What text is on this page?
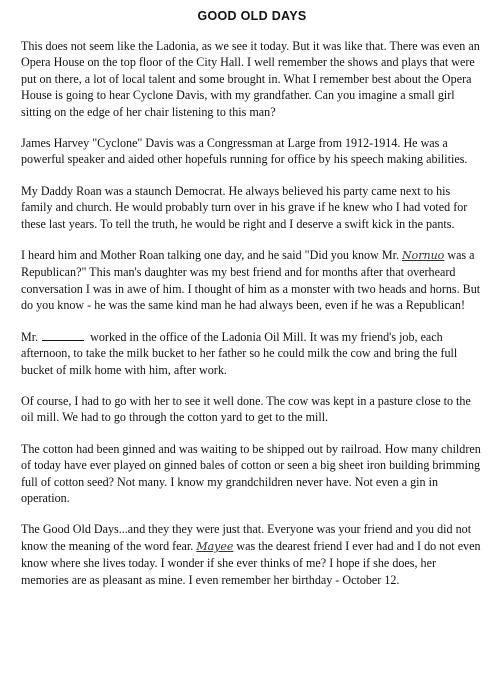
GOOD OLD DAYS

This does not seem like the Ladonia, as we see it today. But it was like that. There was even an Opera House on the top floor of the City Hall. I well remember the shows and plays that were put on there, a lot of local talent and some brought in. What I remember best about the Opera House is going to hear Cyclone Davis, with my grandfather. Can you imagine a small girl sitting on the edge of her chair listening to this man?

James Harvey "Cyclone" Davis was a Congressman at Large from 1912-1914. He was a powerful speaker and aided other hopefuls running for office by his speech making abilities.

My Daddy Roan was a staunch Democrat. He always believed his party came next to his family and church. He would probably turn over in his grave if he knew who I had voted for these last years. To tell the truth, he would be right and I deserve a swift kick in the pants.

I heard him and Mother Roan talking one day, and he said "Did you know Mr. Nornuo was a Republican?" This man's daughter was my best friend and for months after that overheard conversation I was in awe of him. I thought of him as a monster with two heads and horns. But do you know - he was the same kind man he had always been, even if he was a Republican!

Mr.	worked in the office of the Ladonia Oil Mill. It was my friend's job, each afternoon, to take the milk bucket to her father so he could milk the cow and bring the full bucket of milk home with him, after work.

Of course, I had to go with her to see it well done. The cow was kept in a pasture close to the oil mill. We had to go through the cotton yard to get to the mill.

The cotton had been ginned and was waiting to be shipped out by railroad. How many children of today have ever played on ginned bales of cotton or seen a big sheet iron building brimming full of cotton seed? Not many. I know my grandchildren never have. Not even a gin in operation.

The Good Old Days...and they they were just that. Everyone was your friend and you did not know the meaning of the word fear. Mayee was the dearest friend I ever had and I do not even know where she lives today. I wonder if she ever thinks of me? I hope if she does, her memories are as pleasant as mine. I even remember her birthday - October 12.
